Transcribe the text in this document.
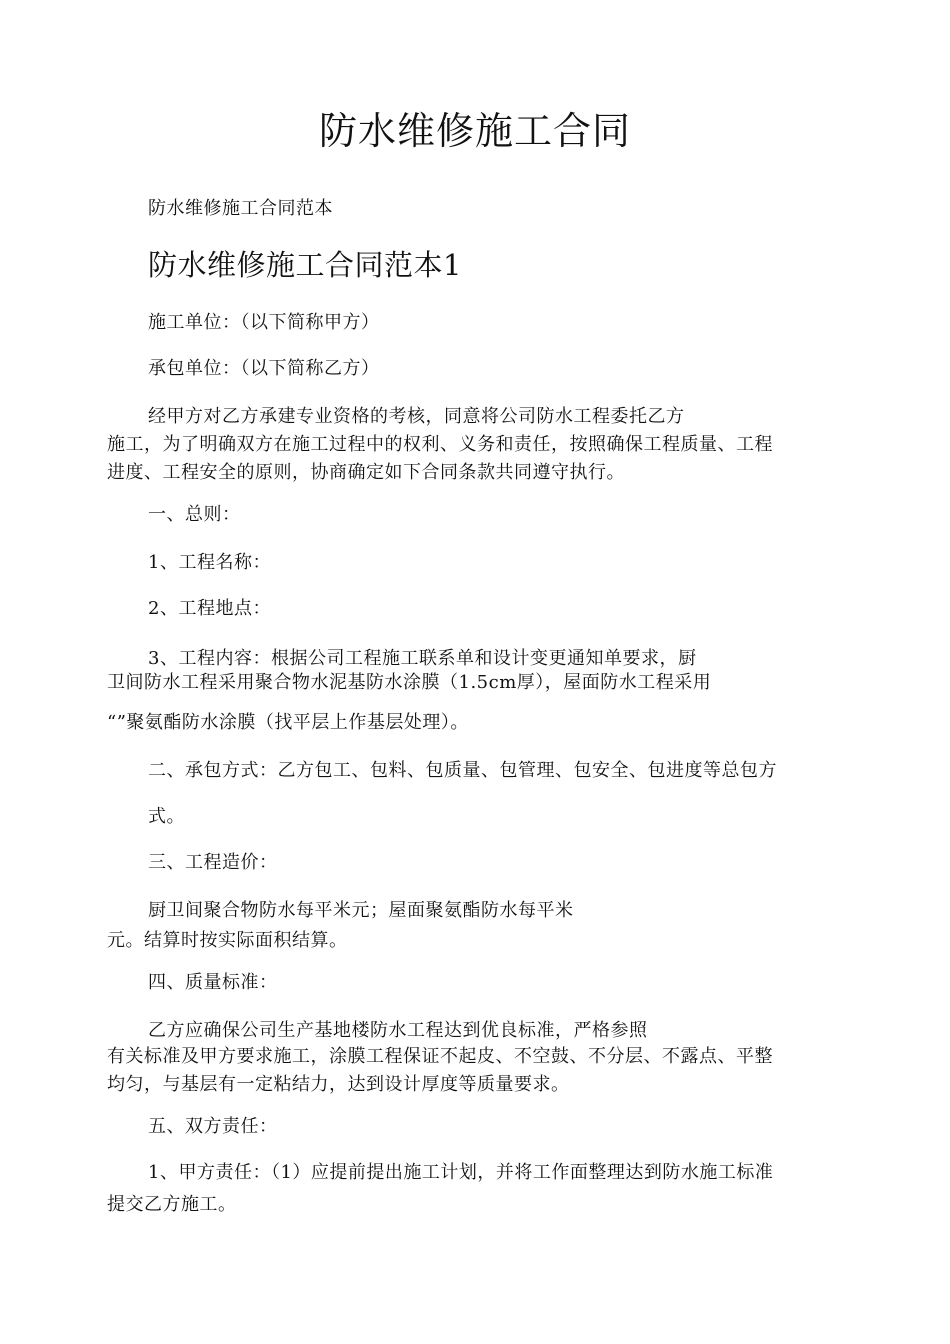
防水维修施工合同
防水维修施工合同范本
防水维修施工合同范本1
施工单位：（以下简称甲方）
承包单位：（以下简称乙方）
经甲方对乙方承建专业资格的考核，同意将公司防水工程委托乙方
施工，为了明确双方在施工过程中的权利、义务和责任，按照确保工程质量、工程
进度、工程安全的原则，协商确定如下合同条款共同遵守执行。
一、总则：
1、工程名称：
2、工程地点：
3、工程内容：根据公司工程施工联系单和设计变更通知单要求，厨
卫间防水工程采用聚合物水泥基防水涂膜（1.5cm厚），屋面防水工程采用
“”聚氨酯防水涂膜（找平层上作基层处理）。
二、承包方式：乙方包工、包料、包质量、包管理、包安全、包进度等总包方
式。
三、工程造价：
厨卫间聚合物防水每平米元；屋面聚氨酯防水每平米
元。结算时按实际面积结算。
四、质量标准：
乙方应确保公司生产基地楼防水工程达到优良标准，严格参照
有关标准及甲方要求施工，涂膜工程保证不起皮、不空鼓、不分层、不露点、平整
均匀，与基层有一定粘结力，达到设计厚度等质量要求。
五、双方责任：
1、甲方责任：（1）应提前提出施工计划，并将工作面整理达到防水施工标准
提交乙方施工。
